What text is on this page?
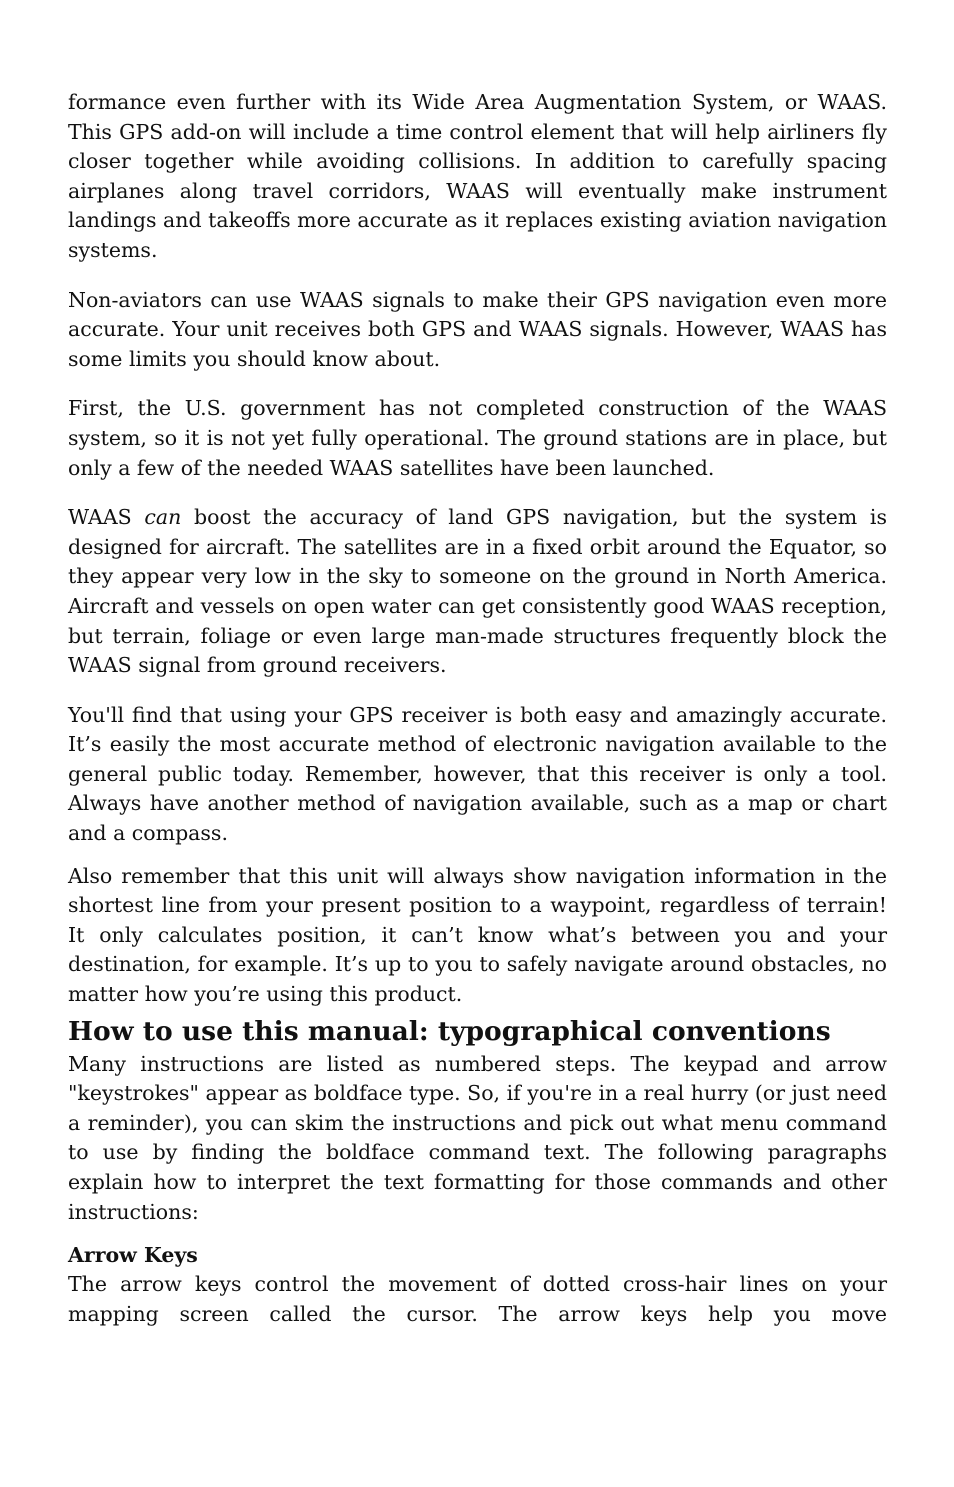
formance even further with its Wide Area Augmentation System, or WAAS. This GPS add-on will include a time control element that will help airliners fly closer together while avoiding collisions. In addition to carefully spacing airplanes along travel corridors, WAAS will eventually make instrument landings and takeoffs more accurate as it replaces existing aviation navigation systems.

Non-aviators can use WAAS signals to make their GPS navigation even more accurate. Your unit receives both GPS and WAAS signals. However, WAAS has some limits you should know about.

First, the U.S. government has not completed construction of the WAAS system, so it is not yet fully operational. The ground stations are in place, but only a few of the needed WAAS satellites have been launched.

WAAS can boost the accuracy of land GPS navigation, but the system is designed for aircraft. The satellites are in a fixed orbit around the Equator, so they appear very low in the sky to someone on the ground in North America. Aircraft and vessels on open water can get consistently good WAAS reception, but terrain, foliage or even large man-made structures frequently block the WAAS signal from ground receivers.

You'll find that using your GPS receiver is both easy and amazingly accurate. It’s easily the most accurate method of electronic navigation available to the general public today. Remember, however, that this receiver is only a tool. Always have another method of navigation available, such as a map or chart and a compass.

Also remember that this unit will always show navigation information in the shortest line from your present position to a waypoint, regardless of terrain! It only calculates position, it can’t know what’s between you and your destination, for example. It’s up to you to safely navigate around obstacles, no matter how you’re using this product.

How to use this manual: typographical conventions

Many instructions are listed as numbered steps. The keypad and arrow "keystrokes" appear as boldface type. So, if you're in a real hurry (or just need a reminder), you can skim the instructions and pick out what menu command to use by finding the boldface command text. The following paragraphs explain how to interpret the text formatting for those commands and other instructions:

Arrow Keys

The arrow keys control the movement of dotted cross-hair lines on your mapping screen called the cursor. The arrow keys help you move
